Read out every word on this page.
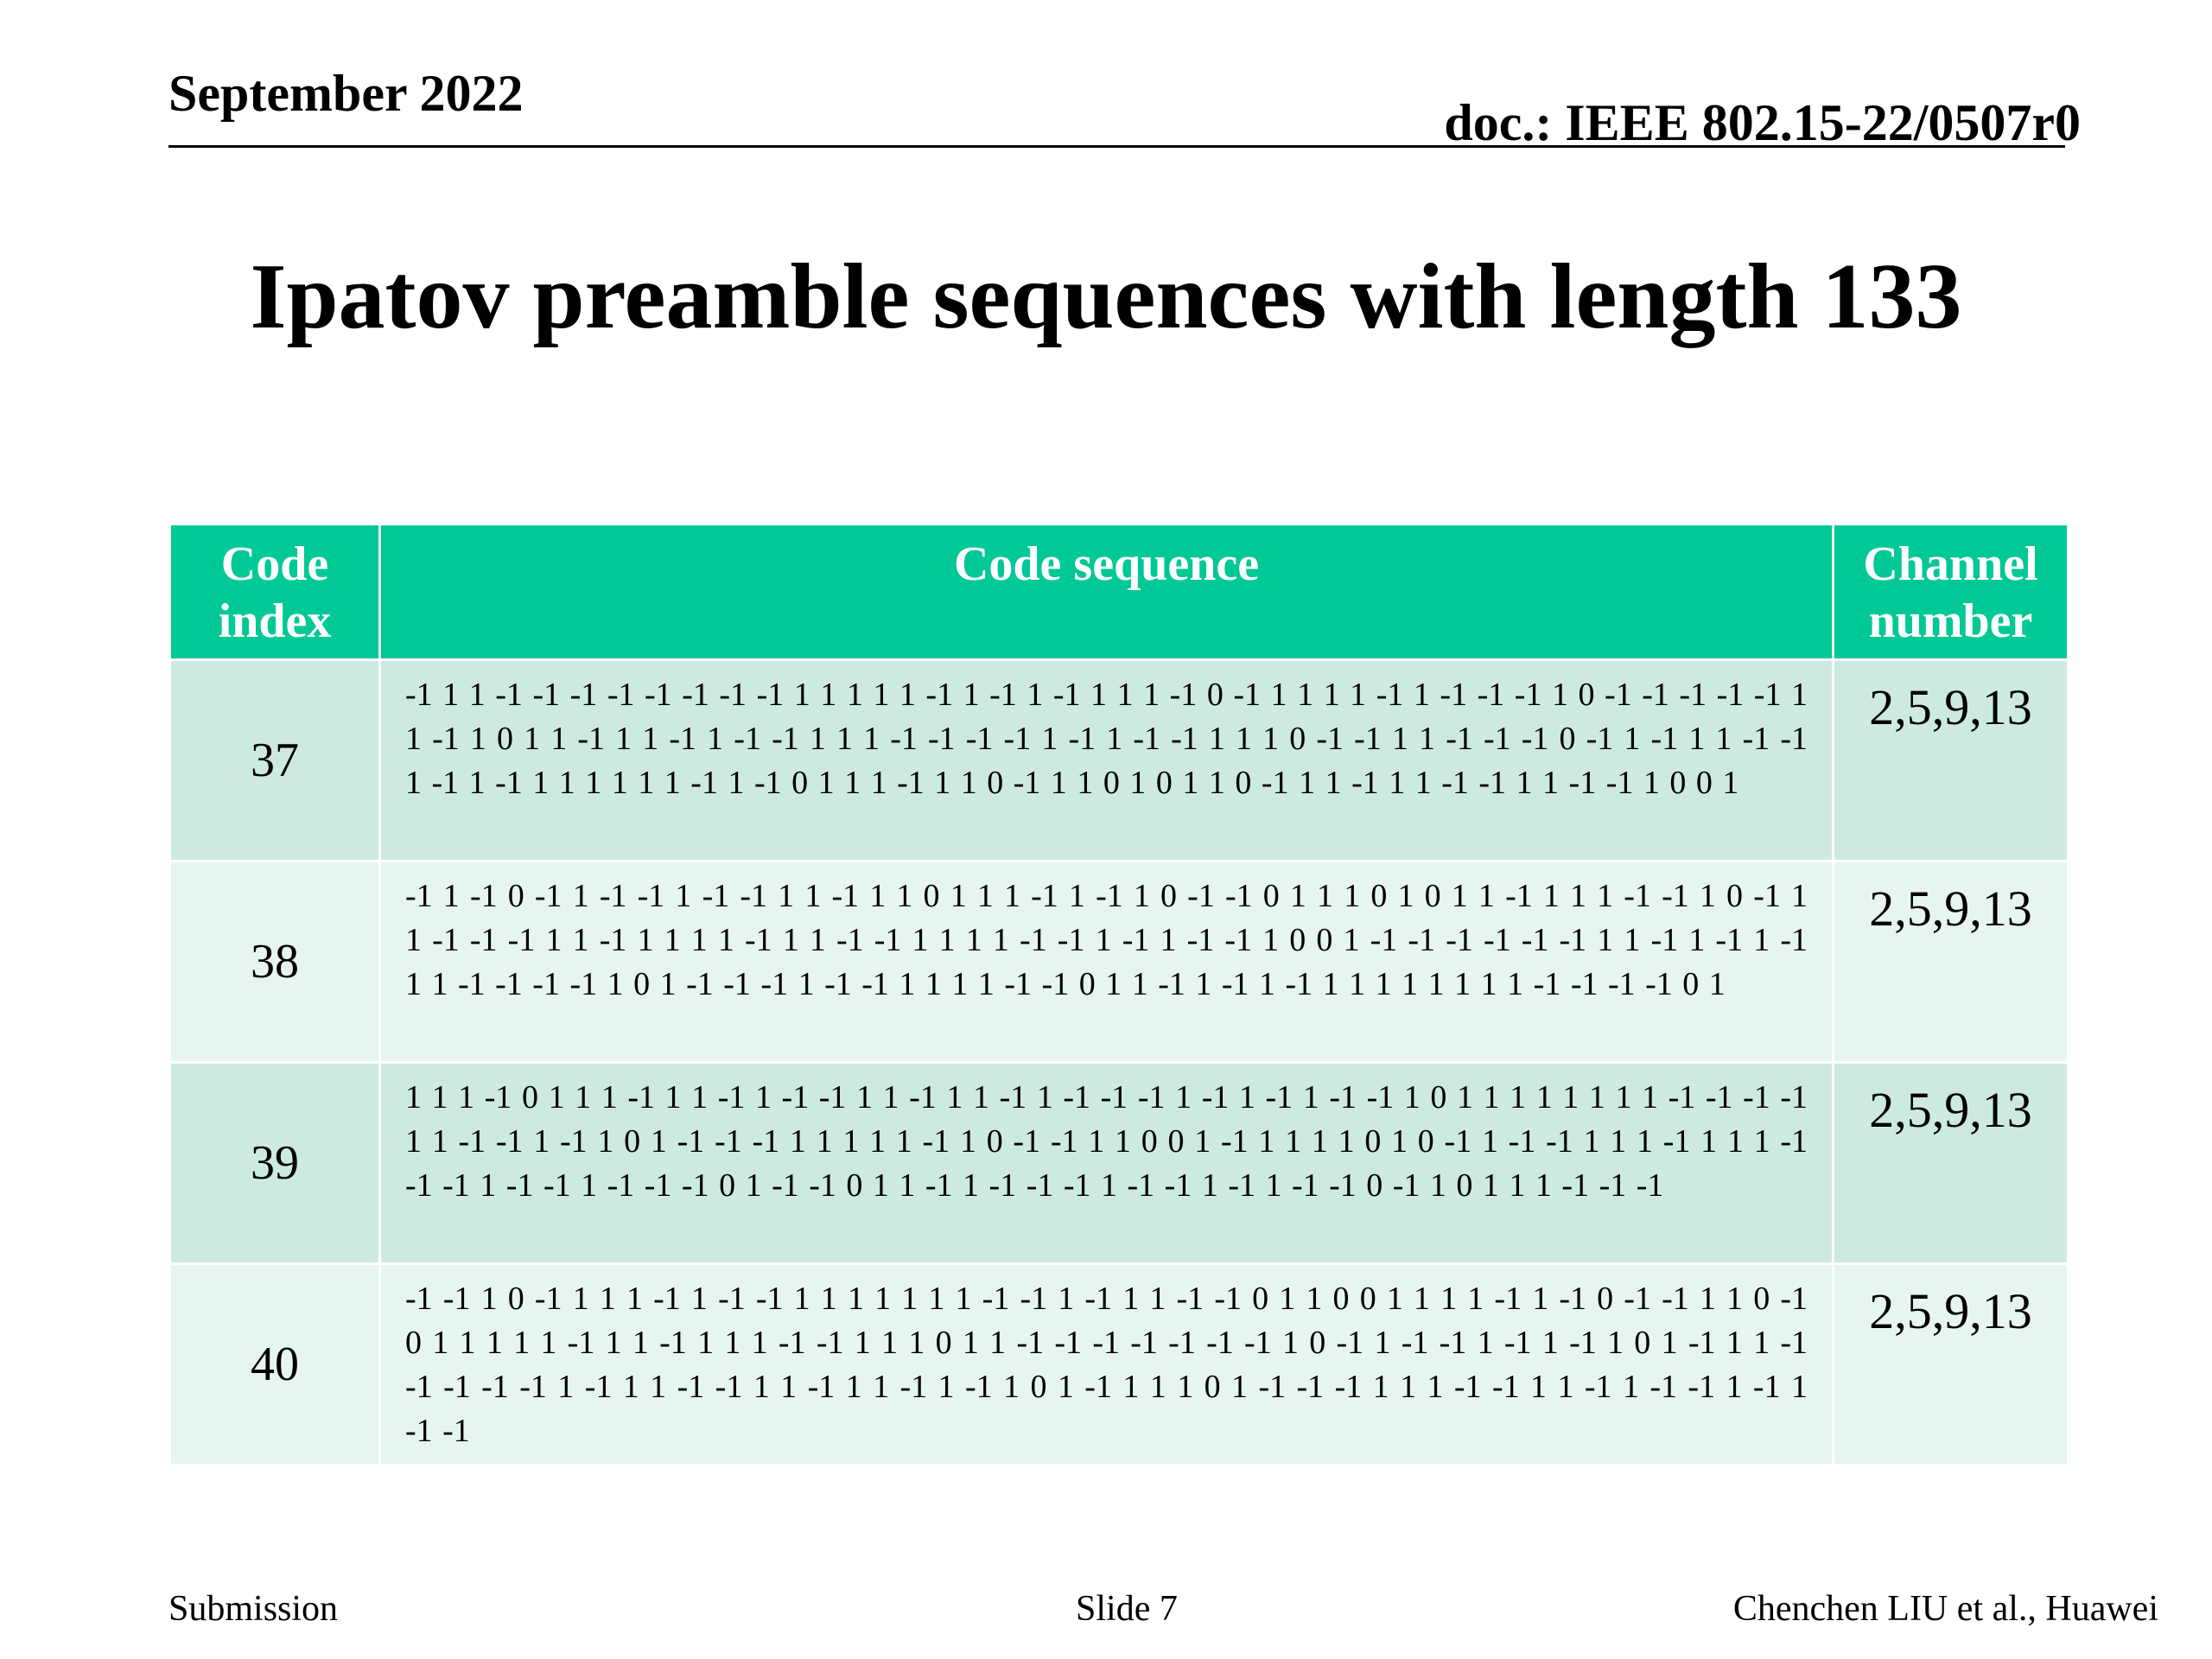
September 2022
doc.: IEEE 802.15-22/0507r0
Ipatov preamble sequences with length 133
Code index	Code sequence	Channel number
37	-1 1 1 -1 -1 -1 -1 -1 -1 -1 -1 1 1 1 1 1 -1 1 -1 1 -1 1 1 1 -1 0 -1 1 1 1 1 -1 1 -1 -1 -1 1 0 -1 -1 -1 -1 -1 1 1 -1 1 0 1 1 -1 1 1 -1 1 -1 -1 1 1 1 -1 -1 -1 -1 1 -1 1 -1 -1 1 1 1 0 -1 -1 1 1 -1 -1 -1 0 -1 1 -1 1 1 -1 -1 1 -1 1 -1 1 1 1 1 1 1 -1 1 -1 0 1 1 1 -1 1 1 0 -1 1 1 0 1 0 1 1 0 -1 1 1 -1 1 1 -1 -1 1 1 -1 -1 1 0 0 1	2,5,9,13
38	-1 1 -1 0 -1 1 -1 -1 1 -1 -1 1 1 -1 1 1 0 1 1 1 -1 1 -1 1 0 -1 -1 0 1 1 1 0 1 0 1 1 -1 1 1 1 -1 -1 1 0 -1 1 1 -1 -1 -1 1 1 -1 1 1 1 1 -1 1 1 -1 -1 1 1 1 1 -1 -1 1 -1 1 -1 -1 1 0 0 1 -1 -1 -1 -1 -1 -1 1 1 -1 1 -1 1 -1 1 1 -1 -1 -1 -1 1 0 1 -1 -1 -1 1 -1 -1 1 1 1 1 -1 -1 0 1 1 -1 1 -1 1 -1 1 1 1 1 1 1 1 1 -1 -1 -1 -1 0 1	2,5,9,13
39	1 1 1 -1 0 1 1 1 -1 1 1 -1 1 -1 -1 1 1 -1 1 1 -1 1 -1 -1 -1 1 -1 1 -1 1 -1 -1 1 0 1 1 1 1 1 1 1 1 -1 -1 -1 -1 1 1 -1 -1 1 -1 1 0 1 -1 -1 -1 1 1 1 1 1 -1 1 0 -1 -1 1 1 0 0 1 -1 1 1 1 1 0 1 0 -1 1 -1 -1 1 1 1 -1 1 1 1 -1 -1 -1 1 -1 -1 1 -1 -1 -1 0 1 -1 -1 0 1 1 -1 1 -1 -1 -1 1 -1 -1 1 -1 1 -1 -1 0 -1 1 0 1 1 1 -1 -1 -1	2,5,9,13
40	-1 -1 1 0 -1 1 1 1 -1 1 -1 -1 1 1 1 1 1 1 1 -1 -1 1 -1 1 1 -1 -1 0 1 1 0 0 1 1 1 1 -1 1 -1 0 -1 -1 1 1 0 -1 0 1 1 1 1 1 -1 1 1 -1 1 1 1 -1 -1 1 1 1 0 1 1 -1 -1 -1 -1 -1 -1 -1 1 0 -1 1 -1 -1 1 -1 1 -1 1 0 1 -1 1 1 -1 -1 -1 -1 -1 1 -1 1 1 -1 -1 1 1 -1 1 1 -1 1 -1 1 0 1 -1 1 1 1 0 1 -1 -1 -1 1 1 1 -1 -1 1 1 -1 1 -1 -1 1 -1 1 -1 -1	2,5,9,13
Submission	Slide 7	Chenchen LIU et al., Huawei
